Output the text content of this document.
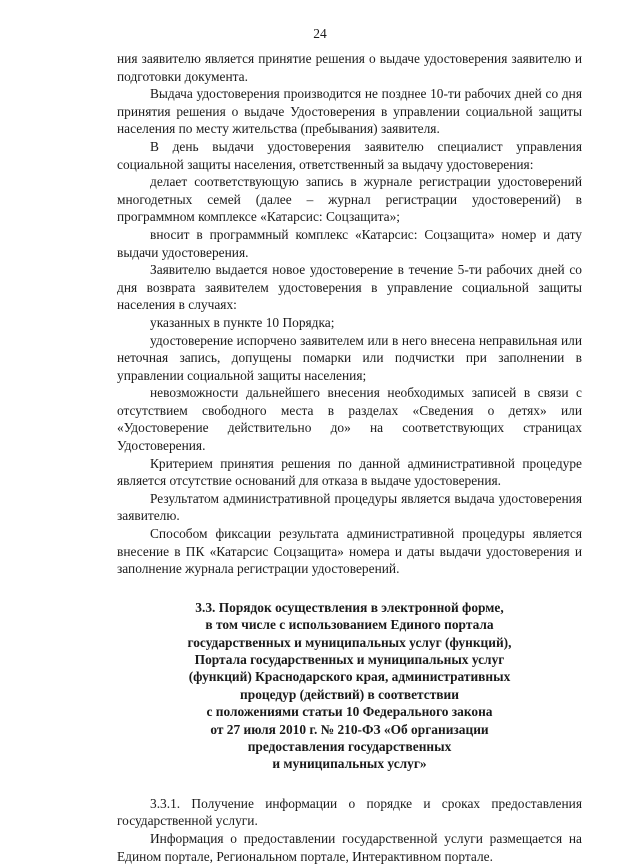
24

ния заявителю является принятие решения о выдаче удостоверения заявителю и подготовки документа.

Выдача удостоверения производится не позднее 10-ти рабочих дней со дня принятия решения о выдаче Удостоверения в управлении социальной защиты населения по месту жительства (пребывания) заявителя.

В день выдачи удостоверения заявителю специалист управления социальной защиты населения, ответственный за выдачу удостоверения:

делает соответствующую запись в журнале регистрации удостоверений многодетных семей (далее – журнал регистрации удостоверений) в программном комплексе «Катарсис: Соцзащита»;

вносит в программный комплекс «Катарсис: Соцзащита» номер и дату выдачи удостоверения.

Заявителю выдается новое удостоверение в течение 5-ти рабочих дней со дня возврата заявителем удостоверения в управление социальной защиты населения в случаях:

указанных в пункте 10 Порядка;

удостоверение испорчено заявителем или в него внесена неправильная или неточная запись, допущены помарки или подчистки при заполнении в управлении социальной защиты населения;

невозможности дальнейшего внесения необходимых записей в связи с отсутствием свободного места в разделах «Сведения о детях» или «Удостоверение действительно до» на соответствующих страницах Удостоверения.

Критерием принятия решения по данной административной процедуре является отсутствие оснований для отказа в выдаче удостоверения.

Результатом административной процедуры является выдача удостоверения заявителю.

Способом фиксации результата административной процедуры является внесение в ПК «Катарсис Соцзащита» номера и даты выдачи удостоверения и заполнение журнала регистрации удостоверений.

3.3. Порядок осуществления в электронной форме,
в том числе с использованием Единого портала
государственных и муниципальных услуг (функций),
Портала государственных и муниципальных услуг
(функций) Краснодарского края, административных
процедур (действий) в соответствии
с положениями статьи 10 Федерального закона
от 27 июля 2010 г. № 210-ФЗ «Об организации
предоставления государственных
и муниципальных услуг»

3.3.1. Получение информации о порядке и сроках предоставления государственной услуги.

Информация о предоставлении государственной услуги размещается на Едином портале, Региональном портале, Интерактивном портале.
